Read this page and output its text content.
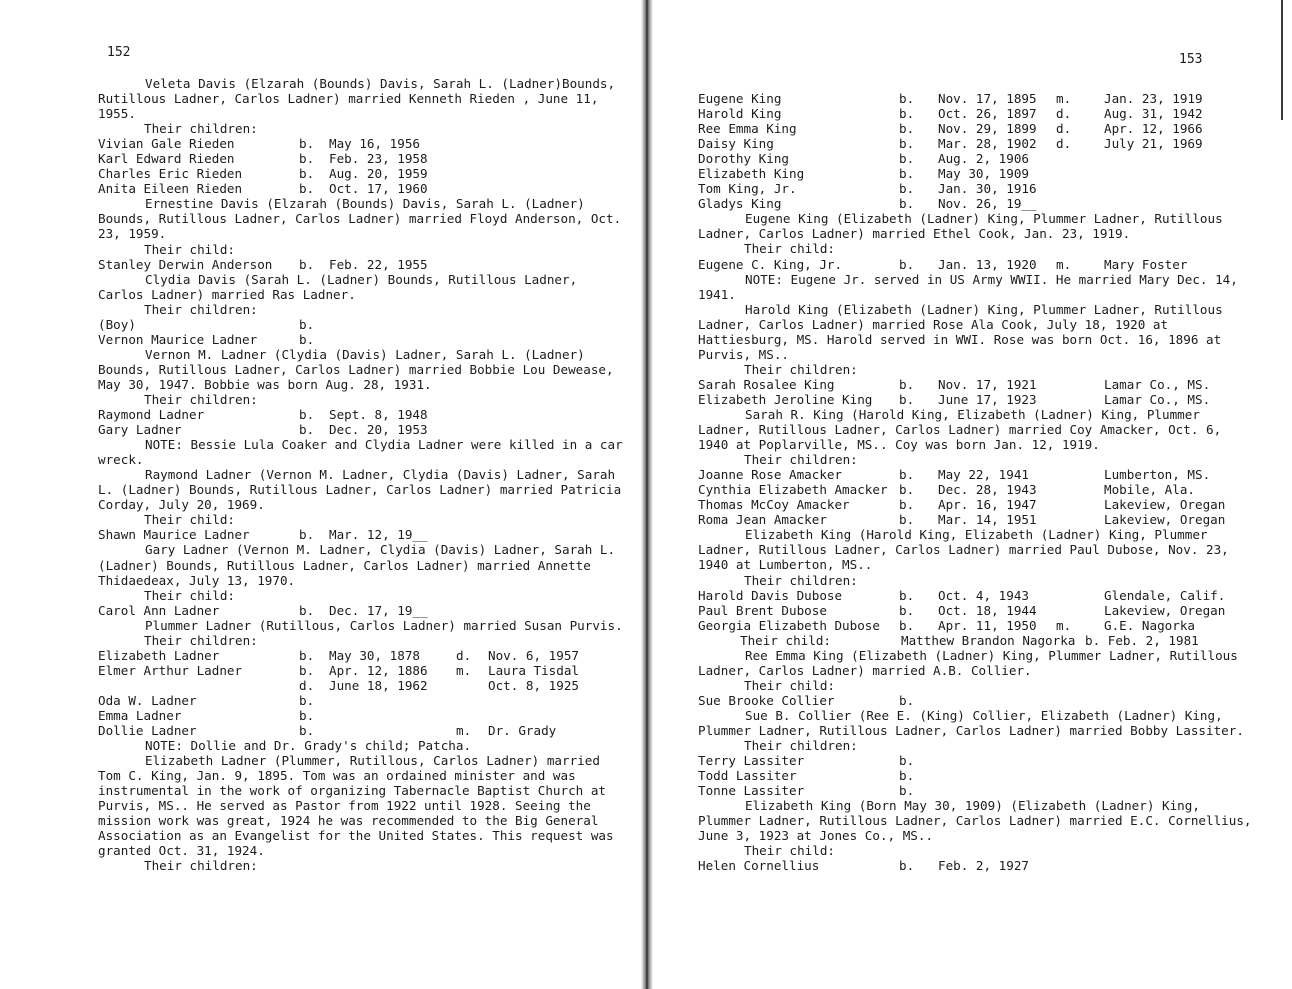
152
Veleta Davis (Elzarah (Bounds) Davis, Sarah L. (Ladner)Bounds, Rutillous Ladner, Carlos Ladner) married Kenneth Rieden , June 11, 1955.
Their children:
Vivian Gale Rieden	b. May 16, 1956
Karl Edward Rieden	b. Feb. 23, 1958
Charles Eric Rieden	b. Aug. 20, 1959
Anita Eileen Rieden	b. Oct. 17, 1960
Ernestine Davis (Elzarah (Bounds) Davis, Sarah L. (Ladner) Bounds, Rutillous Ladner, Carlos Ladner) married Floyd Anderson, Oct. 23, 1959.
Their child:
Stanley Derwin Anderson b. Feb. 22, 1955
Clydia Davis (Sarah L. (Ladner) Bounds, Rutillous Ladner, Carlos Ladner) married Ras Ladner.
Their children:
(Boy)	b.
Vernon Maurice Ladner	b.
Vernon M. Ladner (Clydia (Davis) Ladner, Sarah L. (Ladner) Bounds, Rutillous Ladner, Carlos Ladner) married Bobbie Lou Dewease, May 30, 1947. Bobbie was born Aug. 28, 1931.
Their children:
Raymond Ladner	b. Sept. 8, 1948
Gary Ladner	b. Dec. 20, 1953
NOTE: Bessie Lula Coaker and Clydia Ladner were killed in a car wreck.
Raymond Ladner (Vernon M. Ladner, Clydia (Davis) Ladner, Sarah L. (Ladner) Bounds, Rutillous Ladner, Carlos Ladner) married Patricia Corday, July 20, 1969.
Their child:
Shawn Maurice Ladner	b. Mar. 12, 19__
Gary Ladner (Vernon M. Ladner, Clydia (Davis) Ladner, Sarah L. (Ladner) Bounds, Rutillous Ladner, Carlos Ladner) married Annette Thidaedeax, July 13, 1970.
Their child:
Carol Ann Ladner	b. Dec. 17, 19__
Plummer Ladner (Rutillous, Carlos Ladner) married Susan Purvis.
Their children:
Elizabeth Ladner	b. May 30, 1878	d. Nov. 6, 1957
Elmer Arthur Ladner	b. Apr. 12, 1886 m. Laura Tisdal
d. June 18, 1962	Oct. 8, 1925
Oda W. Ladner	b.
Emma Ladner	b.
Dollie Ladner	b.	m. Dr. Grady
NOTE: Dollie and Dr. Grady's child; Patcha.
Elizabeth Ladner (Plummer, Rutillous, Carlos Ladner) married Tom C. King, Jan. 9, 1895. Tom was an ordained minister and was instrumental in the work of organizing Tabernacle Baptist Church at Purvis, MS.. He served as Pastor from 1922 until 1928. Seeing the mission work was great, 1924 he was recommended to the Big General Association as an Evangelist for the United States. This request was granted Oct. 31, 1924.
Their children:
153
Eugene King	b. Nov. 17, 1895 m.	Jan. 23, 1919
Harold King	b. Oct. 26, 1897 d.	Aug. 31, 1942
Ree Emma King	b. Nov. 29, 1899 d.	Apr. 12, 1966
Daisy King	b. Mar. 28, 1902 d.	July 21, 1969
Dorothy King	b. Aug. 2, 1906
Elizabeth King	b. May 30, 1909
Tom King, Jr.	b. Jan. 30, 1916
Gladys King	b. Nov. 26, 19__
Eugene King (Elizabeth (Ladner) King, Plummer Ladner, Rutillous Ladner, Carlos Ladner) married Ethel Cook, Jan. 23, 1919.
Their child:
Eugene C. King, Jr.	b. Jan. 13, 1920 m.	Mary Foster
NOTE: Eugene Jr. served in US Army WWII. He married Mary Dec. 14, 1941.
Harold King (Elizabeth (Ladner) King, Plummer Ladner, Rutillous Ladner, Carlos Ladner) married Rose Ala Cook, July 18, 1920 at Hattiesburg, MS. Harold served in WWI. Rose was born Oct. 16, 1896 at Purvis, MS..
Their children:
Sarah Rosalee King	b. Nov. 17, 1921	Lamar Co., MS.
Elizabeth Jeroline King b. June 17, 1923	Lamar Co., MS.
Sarah R. King (Harold King, Elizabeth (Ladner) King, Plummer Ladner, Rutillous Ladner, Carlos Ladner) married Coy Amacker, Oct. 6, 1940 at Poplarville, MS.. Coy was born Jan. 12, 1919.
Their children:
Joanne Rose Amacker	b. May 22, 1941	Lumberton, MS.
Cynthia Elizabeth Amacker b. Dec. 28, 1943	Mobile, Ala.
Thomas McCoy Amacker	b. Apr. 16, 1947	Lakeview, Oregan
Roma Jean Amacker	b. Mar. 14, 1951	Lakeview, Oregan
Elizabeth King (Harold King, Elizabeth (Ladner) King, Plummer Ladner, Rutillous Ladner, Carlos Ladner) married Paul Dubose, Nov. 23, 1940 at Lumberton, MS..
Their children:
Harold Davis Dubose	b. Oct. 4, 1943	Glendale, Calif.
Paul Brent Dubose	b. Oct. 18, 1944	Lakeview, Oregan
Georgia Elizabeth Dubose b. Apr. 11, 1950 m.	G.E. Nagorka
Their child:	Matthew Brandon Nagorka b. Feb. 2, 1981
Ree Emma King (Elizabeth (Ladner) King, Plummer Ladner, Rutillous Ladner, Carlos Ladner) married A.B. Collier.
Their child:
Sue Brooke Collier	b.
Sue B. Collier (Ree E. (King) Collier, Elizabeth (Ladner) King, Plummer Ladner, Rutillous Ladner, Carlos Ladner) married Bobby Lassiter.
Their children:
Terry Lassiter	b.
Todd Lassiter	b.
Tonne Lassiter	b.
Elizabeth King (Born May 30, 1909) (Elizabeth (Ladner) King, Plummer Ladner, Rutillous Ladner, Carlos Ladner) married E.C. Cornellius, June 3, 1923 at Jones Co., MS..
Their child:
Helen Cornellius	b. Feb. 2, 1927
